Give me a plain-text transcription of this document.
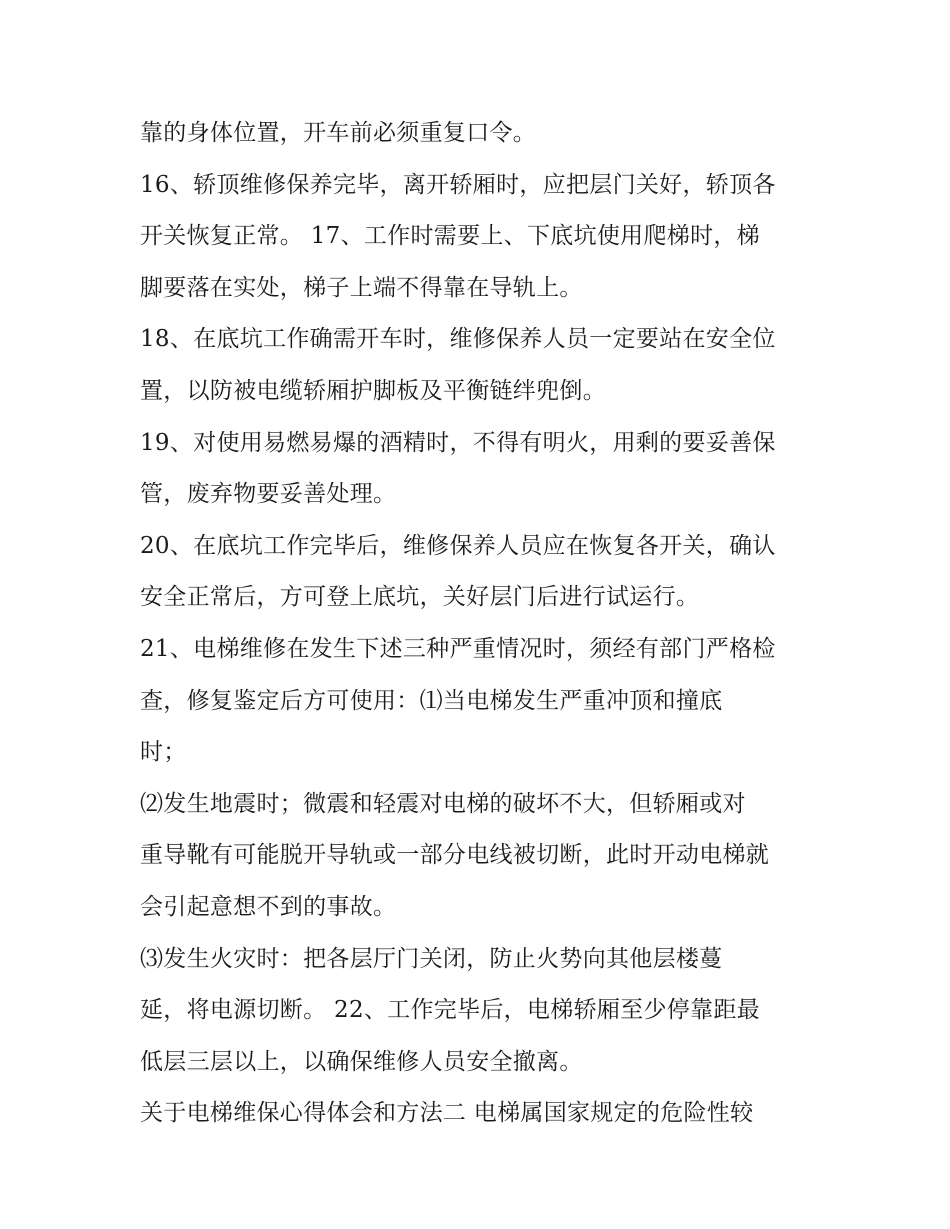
靠的身体位置，开车前必须重复口令。
16、轿顶维修保养完毕，离开轿厢时，应把层门关好，轿顶各
开关恢复正常。 17、工作时需要上、下底坑使用爬梯时，梯
脚要落在实处，梯子上端不得靠在导轨上。
18、在底坑工作确需开车时，维修保养人员一定要站在安全位
置，以防被电缆轿厢护脚板及平衡链绊兜倒。
19、对使用易燃易爆的酒精时，不得有明火，用剩的要妥善保
管，废弃物要妥善处理。
20、在底坑工作完毕后，维修保养人员应在恢复各开关，确认
安全正常后，方可登上底坑，关好层门后进行试运行。
21、电梯维修在发生下述三种严重情况时，须经有部门严格检
查，修复鉴定后方可使用：⑴当电梯发生严重冲顶和撞底
时；
⑵发生地震时；微震和轻震对电梯的破坏不大，但轿厢或对
重导靴有可能脱开导轨或一部分电线被切断，此时开动电梯就
会引起意想不到的事故。
⑶发生火灾时：把各层厅门关闭，防止火势向其他层楼蔓
延，将电源切断。 22、工作完毕后，电梯轿厢至少停靠距最
低层三层以上，以确保维修人员安全撤离。
关于电梯维保心得体会和方法二 电梯属国家规定的危险性较
